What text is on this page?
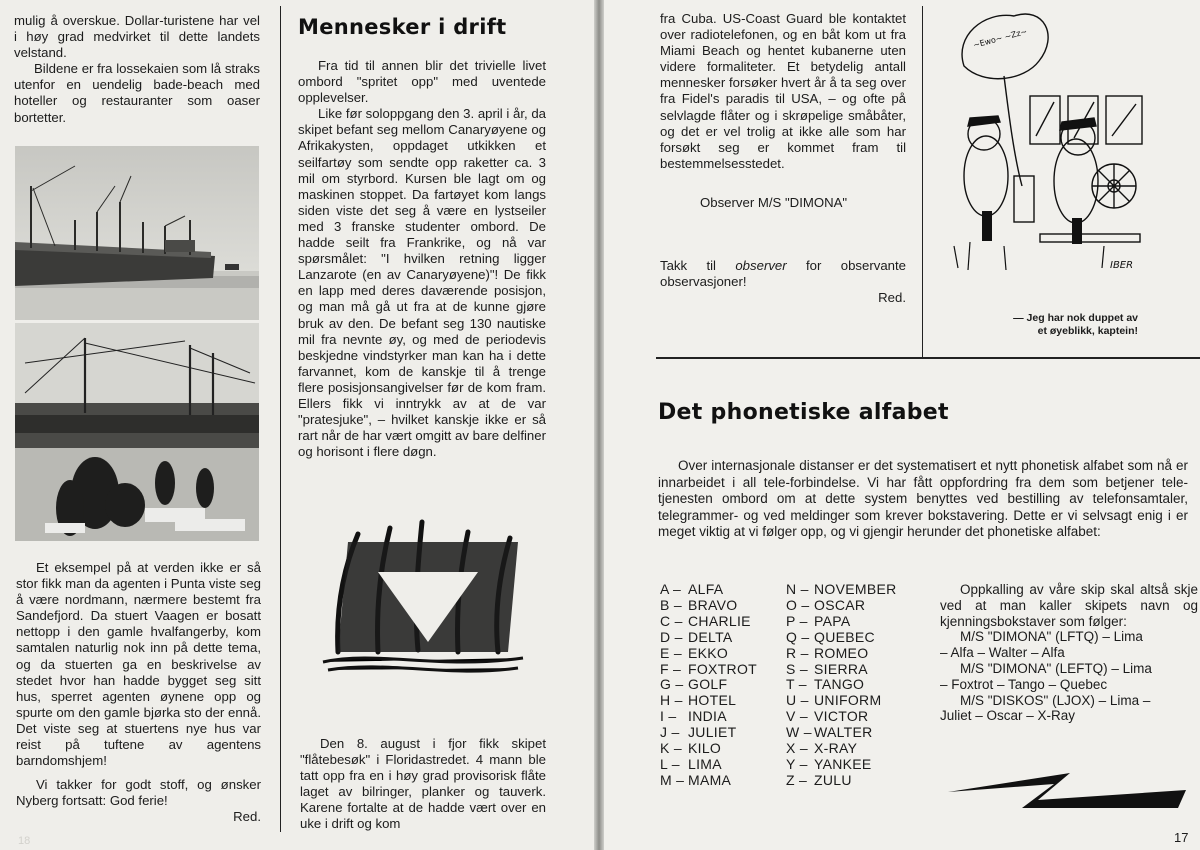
mulig å overskue. Dollar-turistene har vel i høy grad medvirket til dette landets velstand.

Bildene er fra lossekaien som lå straks utenfor en uendelig bade-beach med hoteller og restauranter som oaser bortetter.

Et eksempel på at verden ikke er så stor fikk man da agenten i Punta viste seg å være nordmann, nærmere bestemt fra Sandefjord. Da stuert Vaagen er bosatt nettopp i den gamle hvalfangerby, kom samtalen naturlig nok inn på dette tema, og da stuerten ga en beskrivelse av stedet hvor han hadde bygget seg sitt hus, sperret agenten øynene opp og spurte om den gamle bjørka sto der ennå. Det viste seg at stuertens nye hus var reist på tuftene av agentens barndomshjem!

Vi takker for godt stoff, og ønsker Nyberg fortsatt: God ferie!

Red.
Mennesker i drift

Fra tid til annen blir det trivielle livet ombord "spritet opp" med uventede opplevelser.

Like før soloppgang den 3. april i år, da skipet befant seg mellom Canaryøyene og Afrikakysten, oppdaget utkikken et seilfartøy som sendte opp raketter ca. 3 mil om styrbord. Kursen ble lagt om og maskinen stoppet. Da fartøyet kom langs siden viste det seg å være en lystseiler med 3 franske studenter ombord. De hadde seilt fra Frankrike, og nå var spørsmålet: "I hvilken retning ligger Lanzarote (en av Canaryøyene)"! De fikk en lapp med deres daværende posisjon, og man må gå ut fra at de kunne gjøre bruk av den. De befant seg 130 nautiske mil fra nevnte øy, og med de periodevis beskjedne vindstyrker man kan ha i dette farvannet, kom de kanskje til å trenge flere posisjonsangivelser før de kom fram. Ellers fikk vi inntrykk av at de var "pratesjuke", – hvilket kanskje ikke er så rart når de har vært omgitt av bare delfiner og horisont i flere døgn.

Den 8. august i fjor fikk skipet "flåtebesøk" i Floridastredet. 4 mann ble tatt opp fra en i høy grad provisorisk flåte laget av bilringer, planker og tauverk. Karene fortalte at de hadde vært over en uke i drift og kom

18

fra Cuba. US-Coast Guard ble kontaktet over radiotelefonen, og en båt kom ut fra Miami Beach og hentet kubanerne uten videre formaliteter. Et betydelig antall mennesker forsøker hvert år å ta seg over fra Fidel's paradis til USA, – og ofte på selvlagde flåter og i skrøpelige småbåter, og det er vel trolig at ikke alle som har forsøkt seg er kommet fram til bestemmelsesstedet.

Observer M/S "DIMONA"

Takk til observer for observante observasjoner!

Red.
~Ewo~ ~Zz~
IBER
— Jeg har nok duppet av
et øyeblikk, kaptein!
Det phonetiske alfabet

Over internasjonale distanser er det systematisert et nytt phonetisk alfabet som nå er innarbeidet i all tele-forbindelse. Vi har fått oppfordring fra dem som betjener tele-tjenesten ombord om at dette system benyttes ved bestilling av telefonsamtaler, telegrammer- og ved meldinger som krever bokstavering. Dette er vi selvsagt enig i er meget viktig at vi følger opp, og vi gjengir herunder det phonetiske alfabet:

A – ALFA
B – BRAVO
C – CHARLIE
D – DELTA
E – EKKO
F – FOXTROT
G – GOLF
H – HOTEL
I – INDIA
J – JULIET
K – KILO
L – LIMA
M – MAMA
N – NOVEMBER
O – OSCAR
P – PAPA
Q – QUEBEC
R – ROMEO
S – SIERRA
T – TANGO
U – UNIFORM
V – VICTOR
W – WALTER
X – X-RAY
Y – YANKEE
Z – ZULU

Oppkalling av våre skip skal altså skje ved at man kaller skipets navn og kjenningsbokstaver som følger:

M/S "DIMONA" (LFTQ) – Lima

– Alfa – Walter – Alfa

M/S "DIMONA" (LEFTQ) – Lima

– Foxtrot – Tango – Quebec

M/S "DISKOS" (LJOX) – Lima –

Juliet – Oscar – X-Ray

17
